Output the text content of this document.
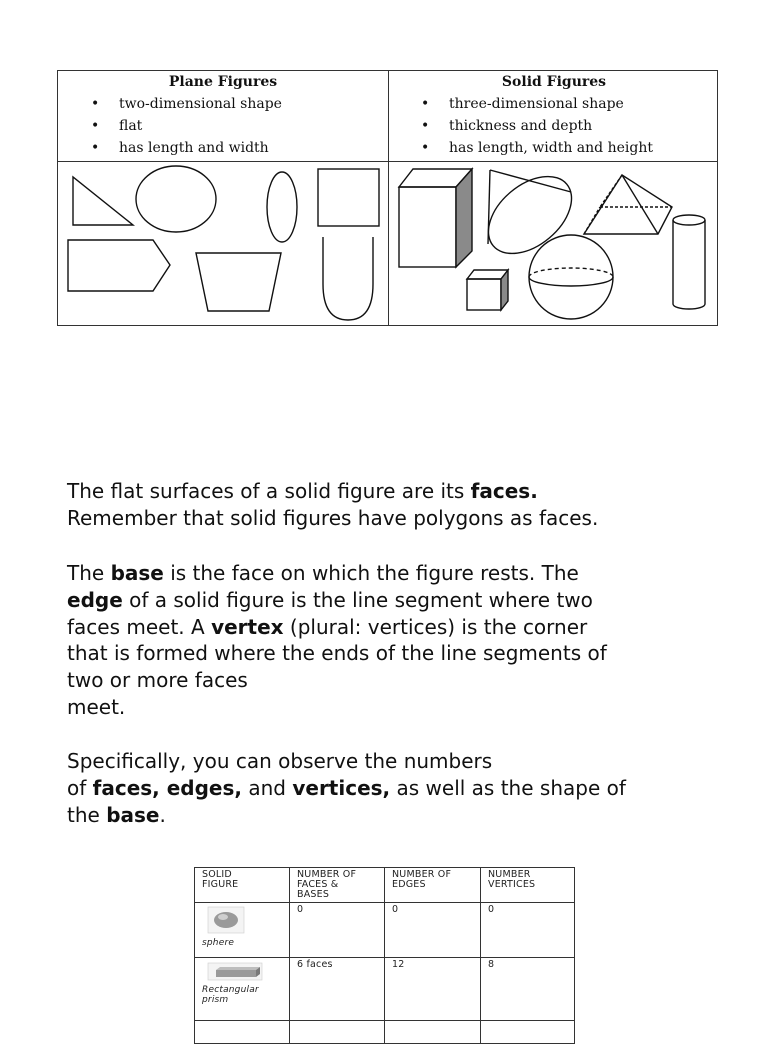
Plane Figures
• two-dimensional shape
• flat
• has length and width
Solid Figures
• three-dimensional shape
• thickness and depth
• has length, width and height

The flat surfaces of a solid figure are its faces.
Remember that solid figures have polygons as faces.

The base is the face on which the figure rests. The
edge of a solid figure is the line segment where two
faces meet. A vertex (plural: vertices) is the corner
that is formed where the ends of the line segments of
two or more faces
meet.

Specifically, you can observe the numbers
of faces, edges, and vertices, as well as the shape of
the base.

SOLID
FIGURE	NUMBER OF
FACES &
BASES	NUMBER OF
EDGES	NUMBER
VERTICES

sphere	0	0	0

Rectangular
prism	6 faces	12	8
